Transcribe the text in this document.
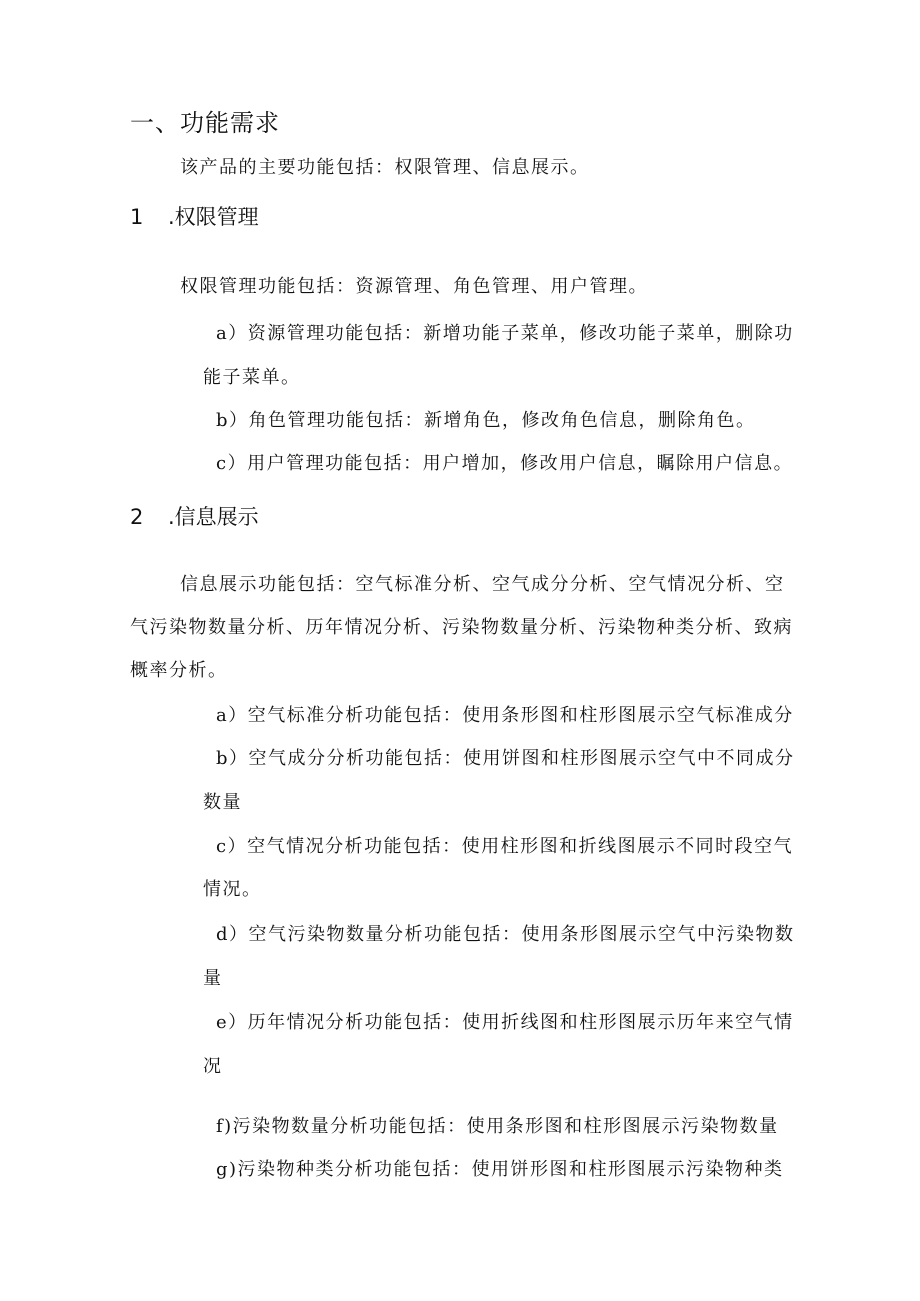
一、功能需求
该产品的主要功能包括：权限管理、信息展示。
1 .权限管理
权限管理功能包括：资源管理、角色管理、用户管理。
a）资源管理功能包括：新增功能子菜单，修改功能子菜单，删除功
能子菜单。
b）角色管理功能包括：新增角色，修改角色信息，删除角色。
c）用户管理功能包括：用户增加，修改用户信息，瞩除用户信息。
2 .信息展示
信息展示功能包括：空气标准分析、空气成分分析、空气情况分析、空
气污染物数量分析、历年情况分析、污染物数量分析、污染物种类分析、致病
概率分析。
a）空气标准分析功能包括：使用条形图和柱形图展示空气标准成分
b）空气成分分析功能包括：使用饼图和柱形图展示空气中不同成分
数量
c）空气情况分析功能包括：使用柱形图和折线图展示不同时段空气
情况。
d）空气污染物数量分析功能包括：使用条形图展示空气中污染物数
量
e）历年情况分析功能包括：使用折线图和柱形图展示历年来空气情
况
f)污染物数量分析功能包括：使用条形图和柱形图展示污染物数量
g)污染物种类分析功能包括：使用饼形图和柱形图展示污染物种类
